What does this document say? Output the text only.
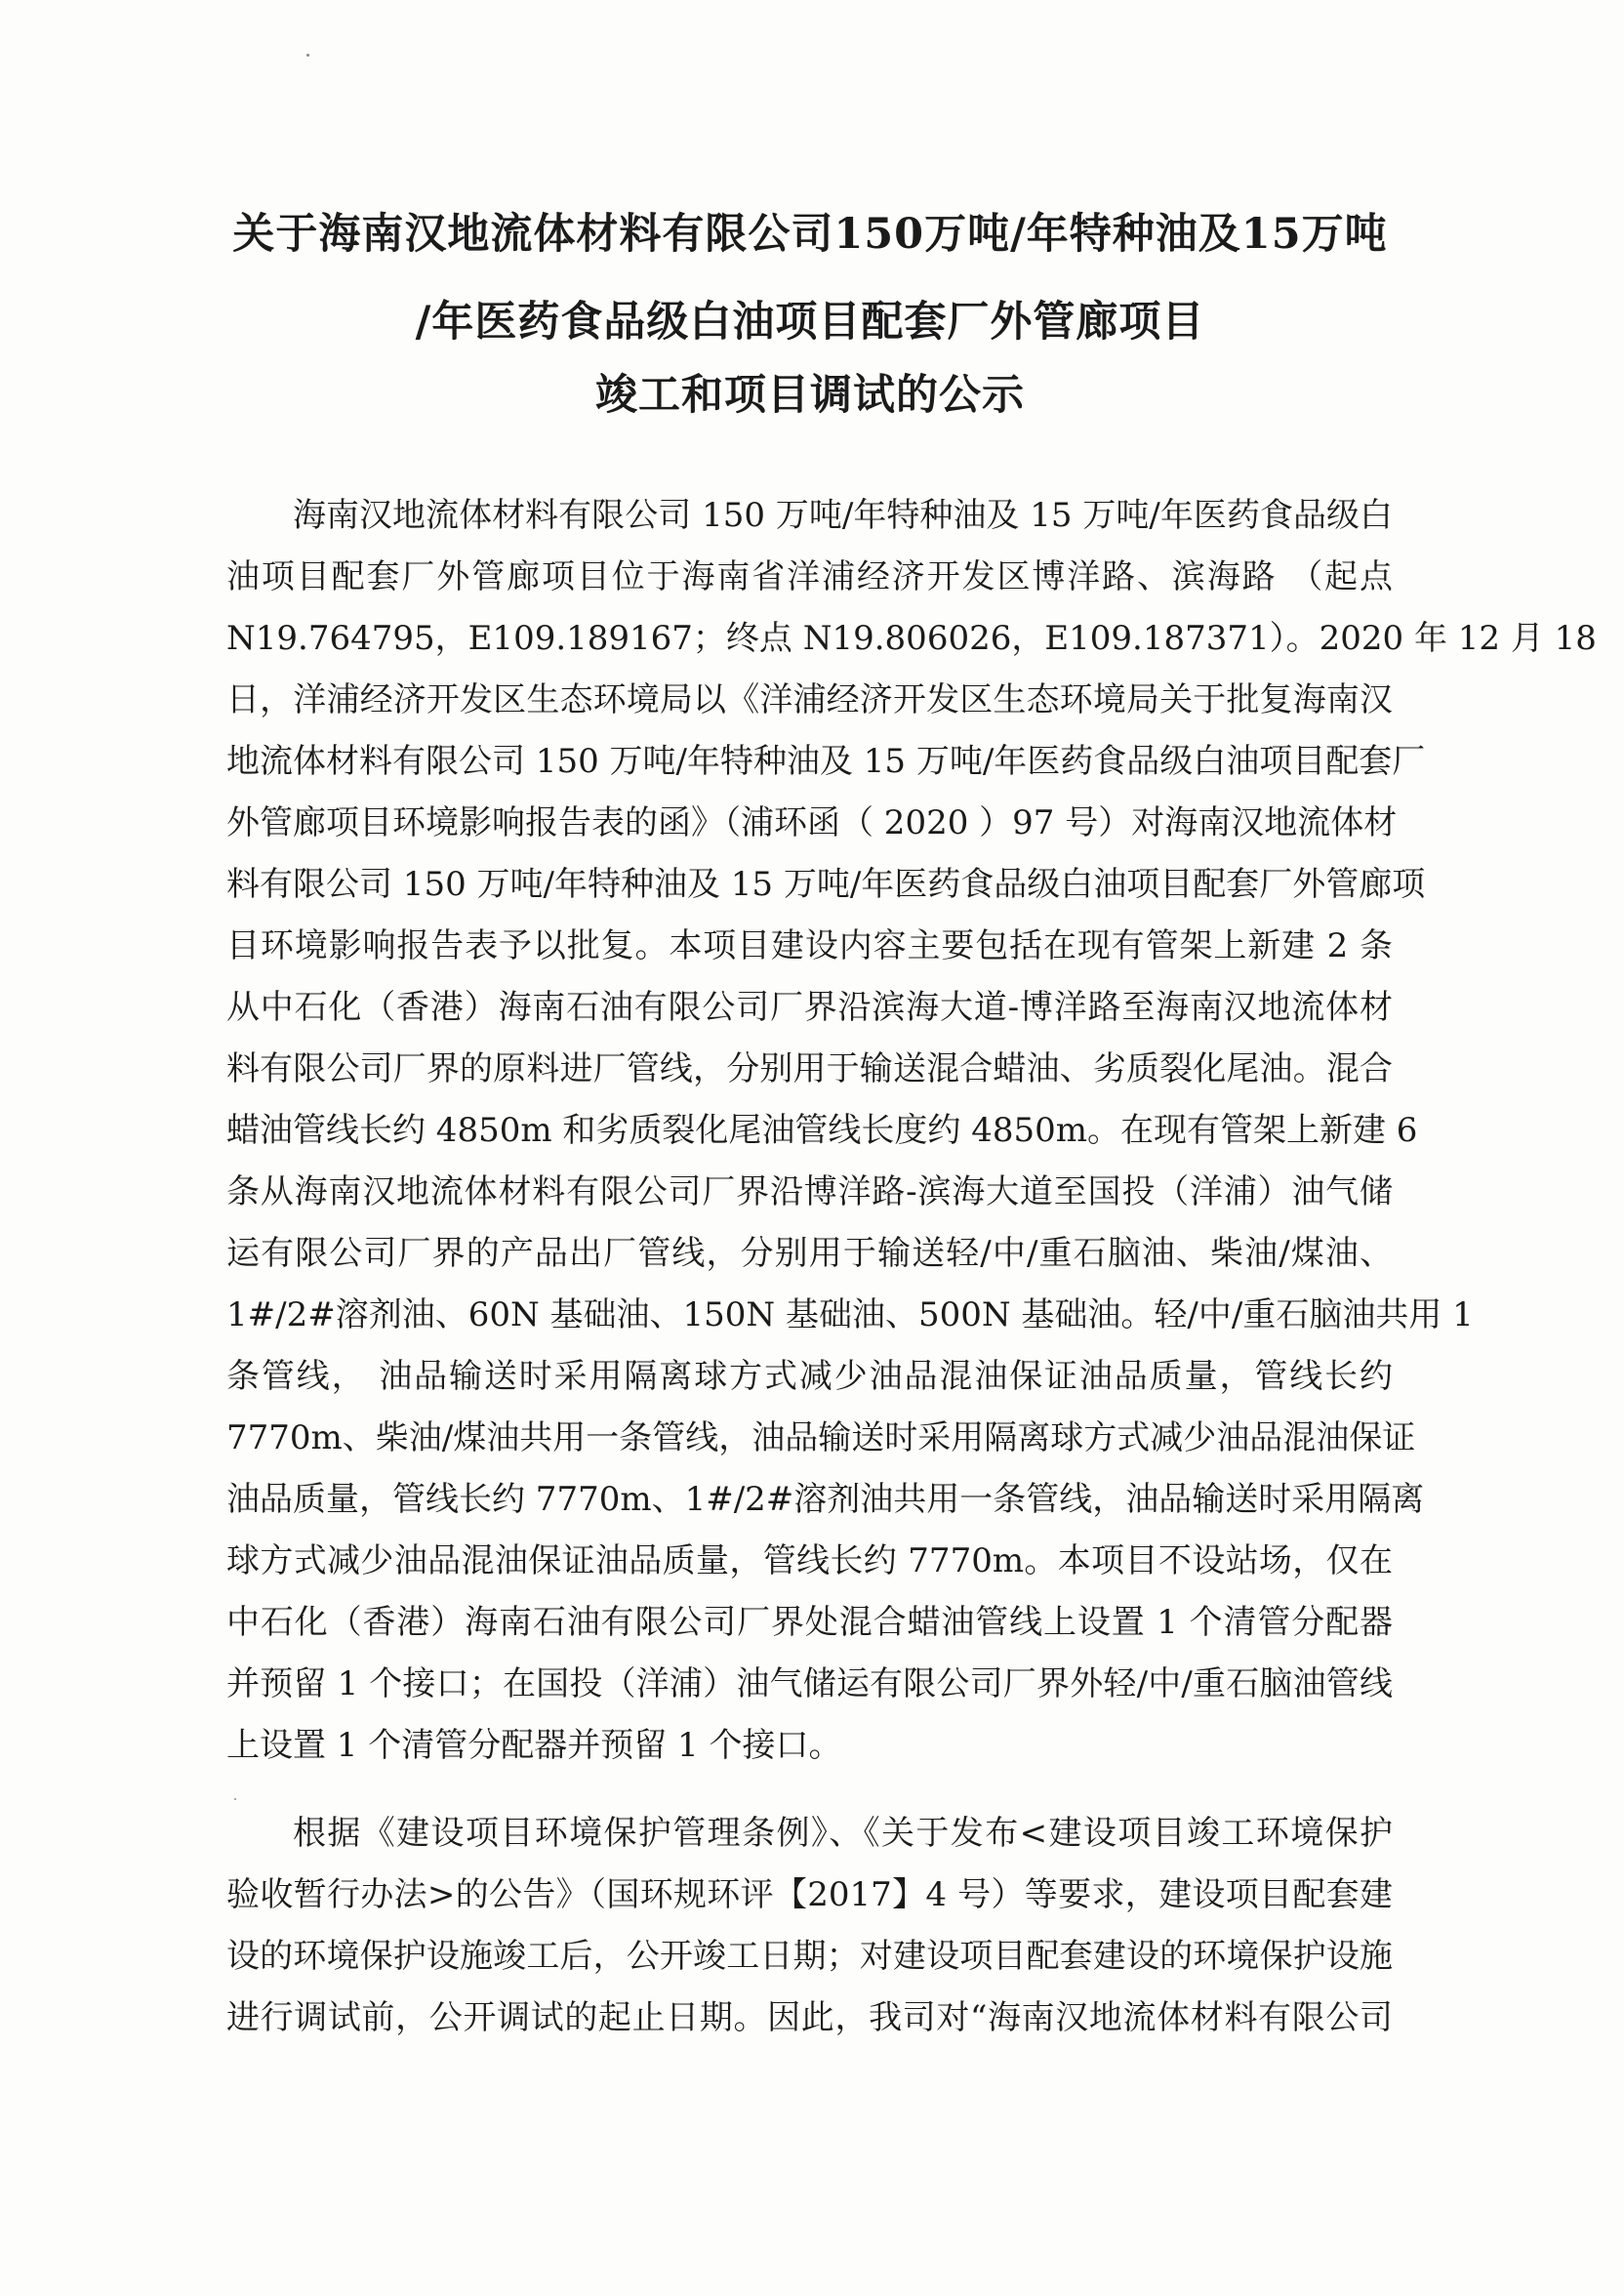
关于海南汉地流体材料有限公司150万吨/年特种油及15万吨
/年医药食品级白油项目配套厂外管廊项目
竣工和项目调试的公示
海南汉地流体材料有限公司 150 万吨/年特种油及 15 万吨/年医药食品级白
油项目配套厂外管廊项目位于海南省洋浦经济开发区博洋路、滨海路 （起点
N19.764795，E109.189167；终点 N19.806026，E109.187371）。2020 年 12 月 18
日，洋浦经济开发区生态环境局以《洋浦经济开发区生态环境局关于批复海南汉
地流体材料有限公司 150 万吨/年特种油及 15 万吨/年医药食品级白油项目配套厂
外管廊项目环境影响报告表的函》（浦环函（ 2020 ）97 号）对海南汉地流体材
料有限公司 150 万吨/年特种油及 15 万吨/年医药食品级白油项目配套厂外管廊项
目环境影响报告表予以批复。本项目建设内容主要包括在现有管架上新建 2 条
从中石化（香港）海南石油有限公司厂界沿滨海大道-博洋路至海南汉地流体材
料有限公司厂界的原料进厂管线，分别用于输送混合蜡油、劣质裂化尾油。混合
蜡油管线长约 4850m 和劣质裂化尾油管线长度约 4850m。在现有管架上新建 6
条从海南汉地流体材料有限公司厂界沿博洋路-滨海大道至国投（洋浦）油气储
运有限公司厂界的产品出厂管线，分别用于输送轻/中/重石脑油、柴油/煤油、
1#/2#溶剂油、60N 基础油、150N 基础油、500N 基础油。轻/中/重石脑油共用 1
条管线， 油品输送时采用隔离球方式减少油品混油保证油品质量，管线长约
7770m、柴油/煤油共用一条管线，油品输送时采用隔离球方式减少油品混油保证
油品质量，管线长约 7770m、1#/2#溶剂油共用一条管线，油品输送时采用隔离
球方式减少油品混油保证油品质量，管线长约 7770m。本项目不设站场，仅在
中石化（香港）海南石油有限公司厂界处混合蜡油管线上设置 1 个清管分配器
并预留 1 个接口；在国投（洋浦）油气储运有限公司厂界外轻/中/重石脑油管线
上设置 1 个清管分配器并预留 1 个接口。
根据《建设项目环境保护管理条例》、《关于发布<建设项目竣工环境保护
验收暂行办法>的公告》（国环规环评【2017】4 号）等要求，建设项目配套建
设的环境保护设施竣工后，公开竣工日期；对建设项目配套建设的环境保护设施
进行调试前，公开调试的起止日期。因此，我司对“海南汉地流体材料有限公司
